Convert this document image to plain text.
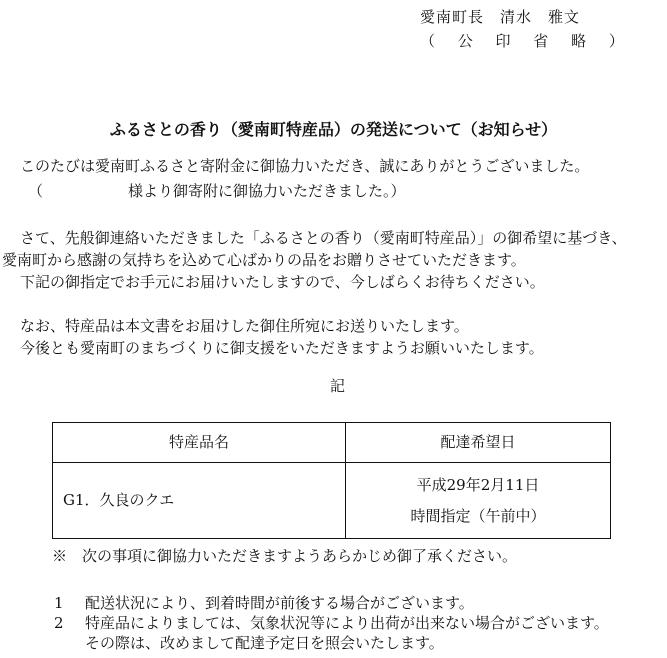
愛南町長　清水　雅文
（ 公 印 省 略 ）
ふるさとの香り（愛南町特産品）の発送について（お知らせ）
このたびは愛南町ふるさと寄附金に御協力いただき、誠にありがとうございました。
（	様より御寄附に御協力いただきました。）
さて、先般御連絡いただきました「ふるさとの香り（愛南町特産品）」の御希望に基づき、
愛南町から感謝の気持ちを込めて心ばかりの品をお贈りさせていただきます。
下記の御指定でお手元にお届けいたしますので、今しばらくお待ちください。
なお、特産品は本文書をお届けした御住所宛にお送りいたします。
今後とも愛南町のまちづくりに御支援をいただきますようお願いいたします。
記
特産品名	配達希望日
G1．久良のクエ	平成29年2月11日
時間指定（午前中）
※　次の事項に御協力いただきますようあらかじめ御了承ください。
1 配送状況により、到着時間が前後する場合がございます。
2 特産品によりましては、気象状況等により出荷が出来ない場合がございます。
その際は、改めまして配達予定日を照会いたします。
